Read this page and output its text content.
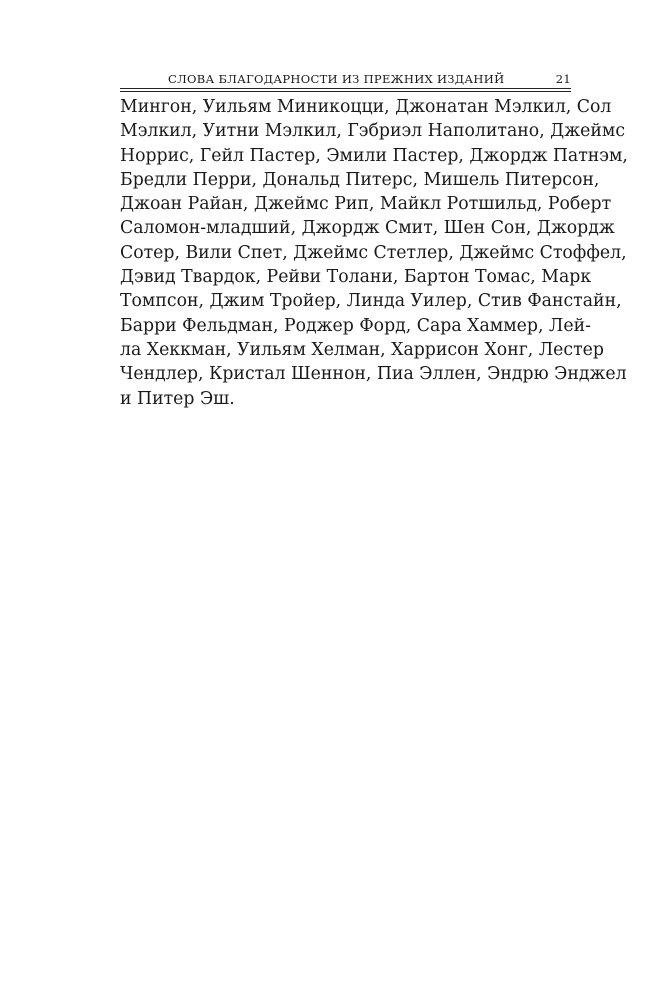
СЛОВА БЛАГОДАРНОСТИ ИЗ ПРЕЖНИХ ИЗДАНИЙ	21
Мингон, Уильям Миникоцци, Джонатан Мэлкил, Сол
Мэлкил, Уитни Мэлкил, Гэбриэл Наполитано, Джеймс
Норрис, Гейл Пастер, Эмили Пастер, Джордж Патнэм,
Бредли Перри, Дональд Питерс, Мишель Питерсон,
Джоан Райан, Джеймс Рип, Майкл Ротшильд, Роберт
Саломон-младший, Джордж Смит, Шен Сон, Джордж
Сотер, Вили Спет, Джеймс Стетлер, Джеймс Стоффел,
Дэвид Твардок, Рейви Толани, Бартон Томас, Марк
Томпсон, Джим Тройер, Линда Уилер, Стив Фанстайн,
Барри Фельдман, Роджер Форд, Сара Хаммер, Лей-
ла Хеккман, Уильям Хелман, Харрисон Хонг, Лестер
Чендлер, Кристал Шеннон, Пиа Эллен, Эндрю Энджел
и Питер Эш.
